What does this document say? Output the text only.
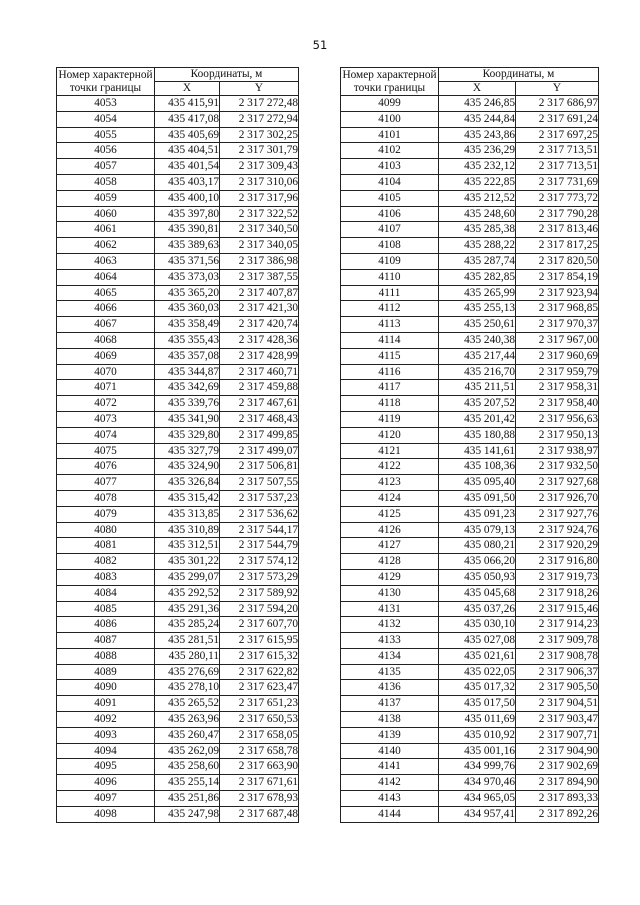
51
Номер характерной точки границы	Координаты, м	
	X	Y
4053	435 415,91	2 317 272,48
4054	435 417,08	2 317 272,94
4055	435 405,69	2 317 302,25
4056	435 404,51	2 317 301,79
4057	435 401,54	2 317 309,43
4058	435 403,17	2 317 310,06
4059	435 400,10	2 317 317,96
4060	435 397,80	2 317 322,52
4061	435 390,81	2 317 340,50
4062	435 389,63	2 317 340,05
4063	435 371,56	2 317 386,98
4064	435 373,03	2 317 387,55
4065	435 365,20	2 317 407,87
4066	435 360,03	2 317 421,30
4067	435 358,49	2 317 420,74
4068	435 355,43	2 317 428,36
4069	435 357,08	2 317 428,99
4070	435 344,87	2 317 460,71
4071	435 342,69	2 317 459,88
4072	435 339,76	2 317 467,61
4073	435 341,90	2 317 468,43
4074	435 329,80	2 317 499,85
4075	435 327,79	2 317 499,07
4076	435 324,90	2 317 506,81
4077	435 326,84	2 317 507,55
4078	435 315,42	2 317 537,23
4079	435 313,85	2 317 536,62
4080	435 310,89	2 317 544,17
4081	435 312,51	2 317 544,79
4082	435 301,22	2 317 574,12
4083	435 299,07	2 317 573,29
4084	435 292,52	2 317 589,92
4085	435 291,36	2 317 594,20
4086	435 285,24	2 317 607,70
4087	435 281,51	2 317 615,95
4088	435 280,11	2 317 615,32
4089	435 276,69	2 317 622,82
4090	435 278,10	2 317 623,47
4091	435 265,52	2 317 651,23
4092	435 263,96	2 317 650,53
4093	435 260,47	2 317 658,05
4094	435 262,09	2 317 658,78
4095	435 258,60	2 317 663,90
4096	435 255,14	2 317 671,61
4097	435 251,86	2 317 678,93
4098	435 247,98	2 317 687,48
Номер характерной точки границы	Координаты, м	
	X	Y
4099	435 246,85	2 317 686,97
4100	435 244,84	2 317 691,24
4101	435 243,86	2 317 697,25
4102	435 236,29	2 317 713,51
4103	435 232,12	2 317 713,51
4104	435 222,85	2 317 731,69
4105	435 212,52	2 317 773,72
4106	435 248,60	2 317 790,28
4107	435 285,38	2 317 813,46
4108	435 288,22	2 317 817,25
4109	435 287,74	2 317 820,50
4110	435 282,85	2 317 854,19
4111	435 265,99	2 317 923,94
4112	435 255,13	2 317 968,85
4113	435 250,61	2 317 970,37
4114	435 240,38	2 317 967,00
4115	435 217,44	2 317 960,69
4116	435 216,70	2 317 959,79
4117	435 211,51	2 317 958,31
4118	435 207,52	2 317 958,40
4119	435 201,42	2 317 956,63
4120	435 180,88	2 317 950,13
4121	435 141,61	2 317 938,97
4122	435 108,36	2 317 932,50
4123	435 095,40	2 317 927,68
4124	435 091,50	2 317 926,70
4125	435 091,23	2 317 927,76
4126	435 079,13	2 317 924,76
4127	435 080,21	2 317 920,29
4128	435 066,20	2 317 916,80
4129	435 050,93	2 317 919,73
4130	435 045,68	2 317 918,26
4131	435 037,26	2 317 915,46
4132	435 030,10	2 317 914,23
4133	435 027,08	2 317 909,78
4134	435 021,61	2 317 908,78
4135	435 022,05	2 317 906,37
4136	435 017,32	2 317 905,50
4137	435 017,50	2 317 904,51
4138	435 011,69	2 317 903,47
4139	435 010,92	2 317 907,71
4140	435 001,16	2 317 904,90
4141	434 999,76	2 317 902,69
4142	434 970,46	2 317 894,90
4143	434 965,05	2 317 893,33
4144	434 957,41	2 317 892,26
